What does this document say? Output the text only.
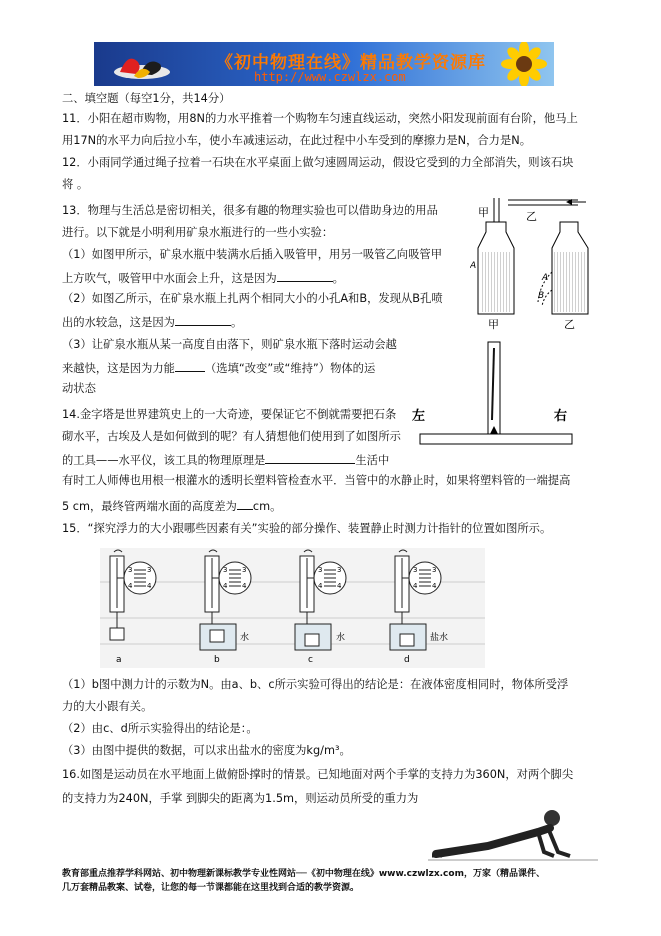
《初中物理在线》精品教学资源库
http://www.czwlzx.com
二、填空题（每空1分，共14分）
11．小阳在超市购物，用8N的力水平推着一个购物车匀速直线运动，突然小阳发现前面有台阶，他马上
用17N的水平力向后拉小车，使小车减速运动，在此过程中小车受到的摩擦力是N，合力是N。
12．小雨同学通过绳子拉着一石块在水平桌面上做匀速圆周运动，假设它受到的力全部消失，则该石块
将 。
13．物理与生活总是密切相关，很多有趣的物理实验也可以借助身边的用品
进行。以下就是小明利用矿泉水瓶进行的一些小实验：
（1）如图甲所示，矿泉水瓶中装满水后插入吸管甲，用另一吸管乙向吸管甲
上方吹气，吸管甲中水面会上升，这是因为	。
（2）如图乙所示，在矿泉水瓶上扎两个相同大小的小孔A和B，发现从B孔喷
出的水较急，这是因为	。
（3）让矿泉水瓶从某一高度自由落下，则矿泉水瓶下落时运动会越
来越快，这是因为力能	（选填“改变”或“维持”）物体的运
动状态
甲	乙
A
A
B
甲	乙
14.金字塔是世界建筑史上的一大奇迹，要保证它不倒就需要把石条
砌水平，古埃及人是如何做到的呢？有人猜想他们使用到了如图所示
的工具——水平仪，该工具的物理原理是	生活中
有时工人师傅也用根一根灌水的透明长塑料管检查水平．当管中的水静止时，如果将塑料管的一端提高
5 cm，最终管两端水面的高度差为 cm。
左	右
15．“探究浮力的大小跟哪些因素有关”实验的部分操作、装置静止时测力计指针的位置如图所示。
3 3
4 4
水	水	盐水
a	b	c	d
（1）b图中测力计的示数为N。由a、b、c所示实验可得出的结论是：在液体密度相同时，物体所受浮
力的大小跟有关。
（2）由c、d所示实验得出的结论是：。
（3）由图中提供的数据，可以求出盐水的密度为kg/m³。
16.如图是运动员在水平地面上做俯卧撑时的情景。已知地面对两个手掌的支持力为360N，对两个脚尖
的支持力为240N，手掌 到脚尖的距离为1.5m，则运动员所受的重力为
教育部重点推荐学科网站、初中物理新课标教学专业性网站──《初中物理在线》www.czwlzx.com，万家（精品课件、
几万套精品教案、试卷，让您的每一节课都能在这里找到合适的教学资源。
